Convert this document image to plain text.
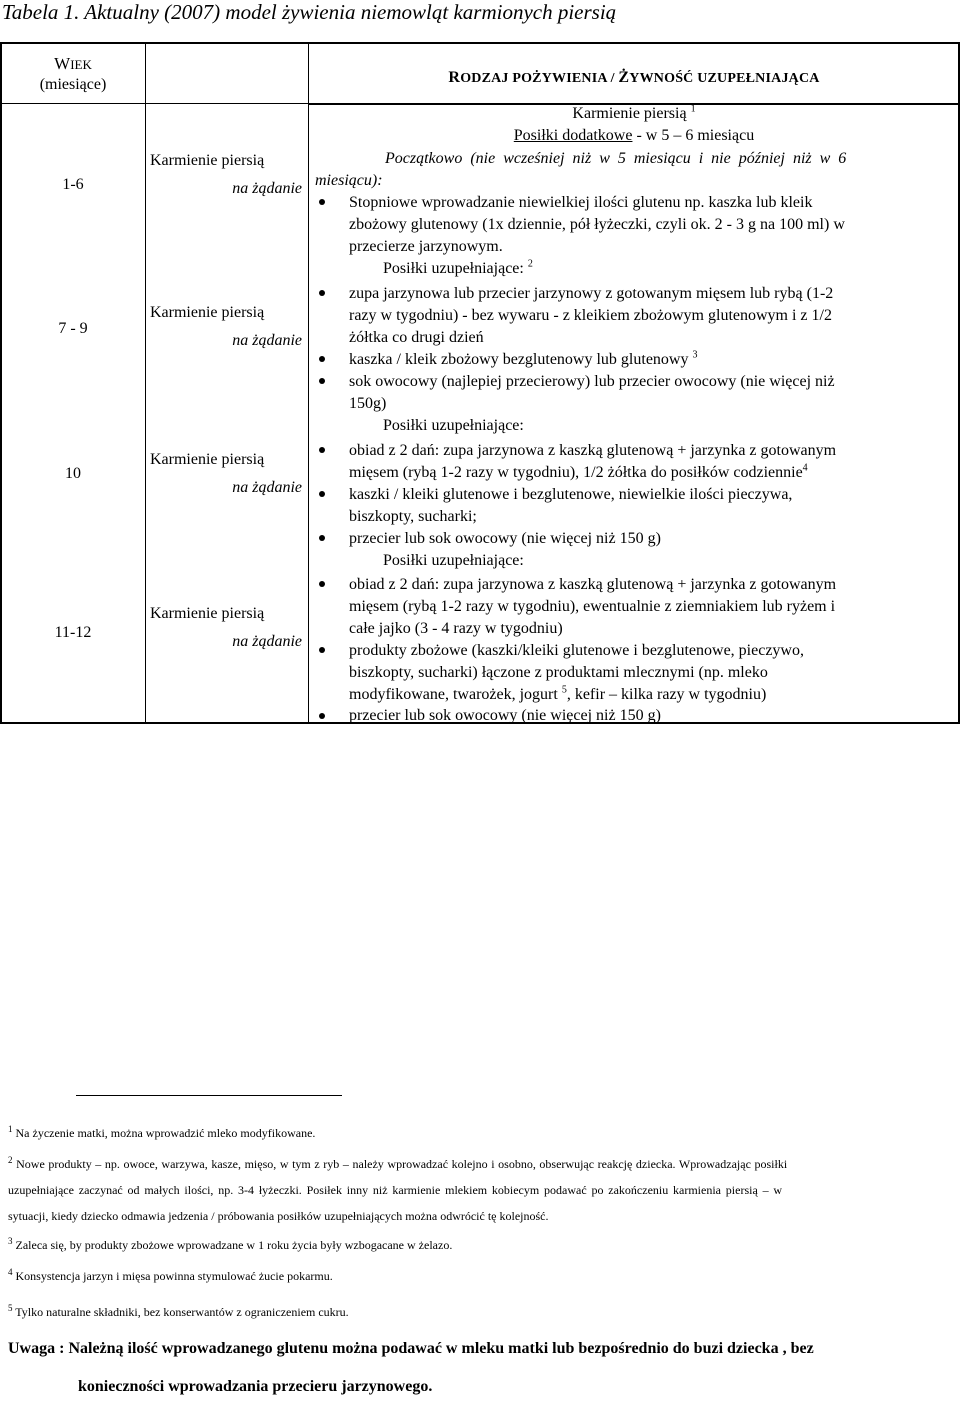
Tabela 1. Aktualny (2007) model żywienia niemowląt karmionych piersią
WIEK
(miesiące)	RODZAJ POŻYWIENIA / ŻYWNOŚĆ UZUPEŁNIAJĄCA
1-6
7 - 9
10
11-12
Karmienie piersią
na żądanie
Karmienie piersią
na żądanie
Karmienie piersią
na żądanie
Karmienie piersią
na żądanie
Karmienie piersią $^1$
Posiłki dodatkowe - w 5 – 6 miesiącu
Początkowo (nie wcześniej niż w 5 miesiącu i nie później niż w 6
miesiącu):
Stopniowe wprowadzanie niewielkiej ilości glutenu np. kaszka lub kleik
zbożowy glutenowy (1x dziennie, pół łyżeczki, czyli ok. 2 - 3 g na 100 ml) w
przecierze jarzynowym.
Posiłki uzupełniające: $^2$
zupa jarzynowa lub przecier jarzynowy z gotowanym mięsem lub rybą (1-2
razy w tygodniu) - bez wywaru - z kleikiem zbożowym glutenowym i z 1/2
żółtka co drugi dzień
kaszka / kleik zbożowy bezglutenowy lub glutenowy $^3$
sok owocowy (najlepiej przecierowy) lub przecier owocowy (nie więcej niż
150g)
Posiłki uzupełniające:
obiad z 2 dań: zupa jarzynowa z kaszką glutenową + jarzynka z gotowanym
mięsem (rybą 1-2 razy w tygodniu), 1/2 żółtka do posiłków codziennie$^4$
kaszki / kleiki glutenowe i bezglutenowe, niewielkie ilości pieczywa,
biszkopty, sucharki;
przecier lub sok owocowy (nie więcej niż 150 g)
Posiłki uzupełniające:
obiad z 2 dań: zupa jarzynowa z kaszką glutenową + jarzynka z gotowanym
mięsem (rybą 1-2 razy w tygodniu), ewentualnie z ziemniakiem lub ryżem i
całe jajko (3 - 4 razy w tygodniu)
produkty zbożowe (kaszki/kleiki glutenowe i bezglutenowe, pieczywo,
biszkopty, sucharki) łączone z produktami mlecznymi (np. mleko
modyfikowane, twarożek, jogurt $^5$, kefir – kilka razy w tygodniu)
przecier lub sok owocowy (nie więcej niż 150 g)
$^1$ Na życzenie matki, można wprowadzić mleko modyfikowane.
$^2$ Nowe produkty – np. owoce, warzywa, kasze, mięso, w tym z ryb – należy wprowadzać kolejno i osobno, obserwując reakcję dziecka. Wprowadzając posiłki
uzupełniające zaczynać od małych ilości, np. 3-4 łyżeczki. Posiłek inny niż karmienie mlekiem kobiecym podawać po zakończeniu karmienia piersią – w
sytuacji, kiedy dziecko odmawia jedzenia / próbowania posiłków uzupełniających można odwrócić tę kolejność.
$^3$ Zaleca się, by produkty zbożowe wprowadzane w 1 roku życia były wzbogacane w żelazo.
$^4$ Konsystencja jarzyn i mięsa powinna stymulować żucie pokarmu.
$^5$ Tylko naturalne składniki, bez konserwantów z ograniczeniem cukru.
Uwaga : Należną ilość wprowadzanego glutenu można podawać w mleku matki lub bezpośrednio do buzi dziecka , bez
konieczności wprowadzania przecieru jarzynowego.
